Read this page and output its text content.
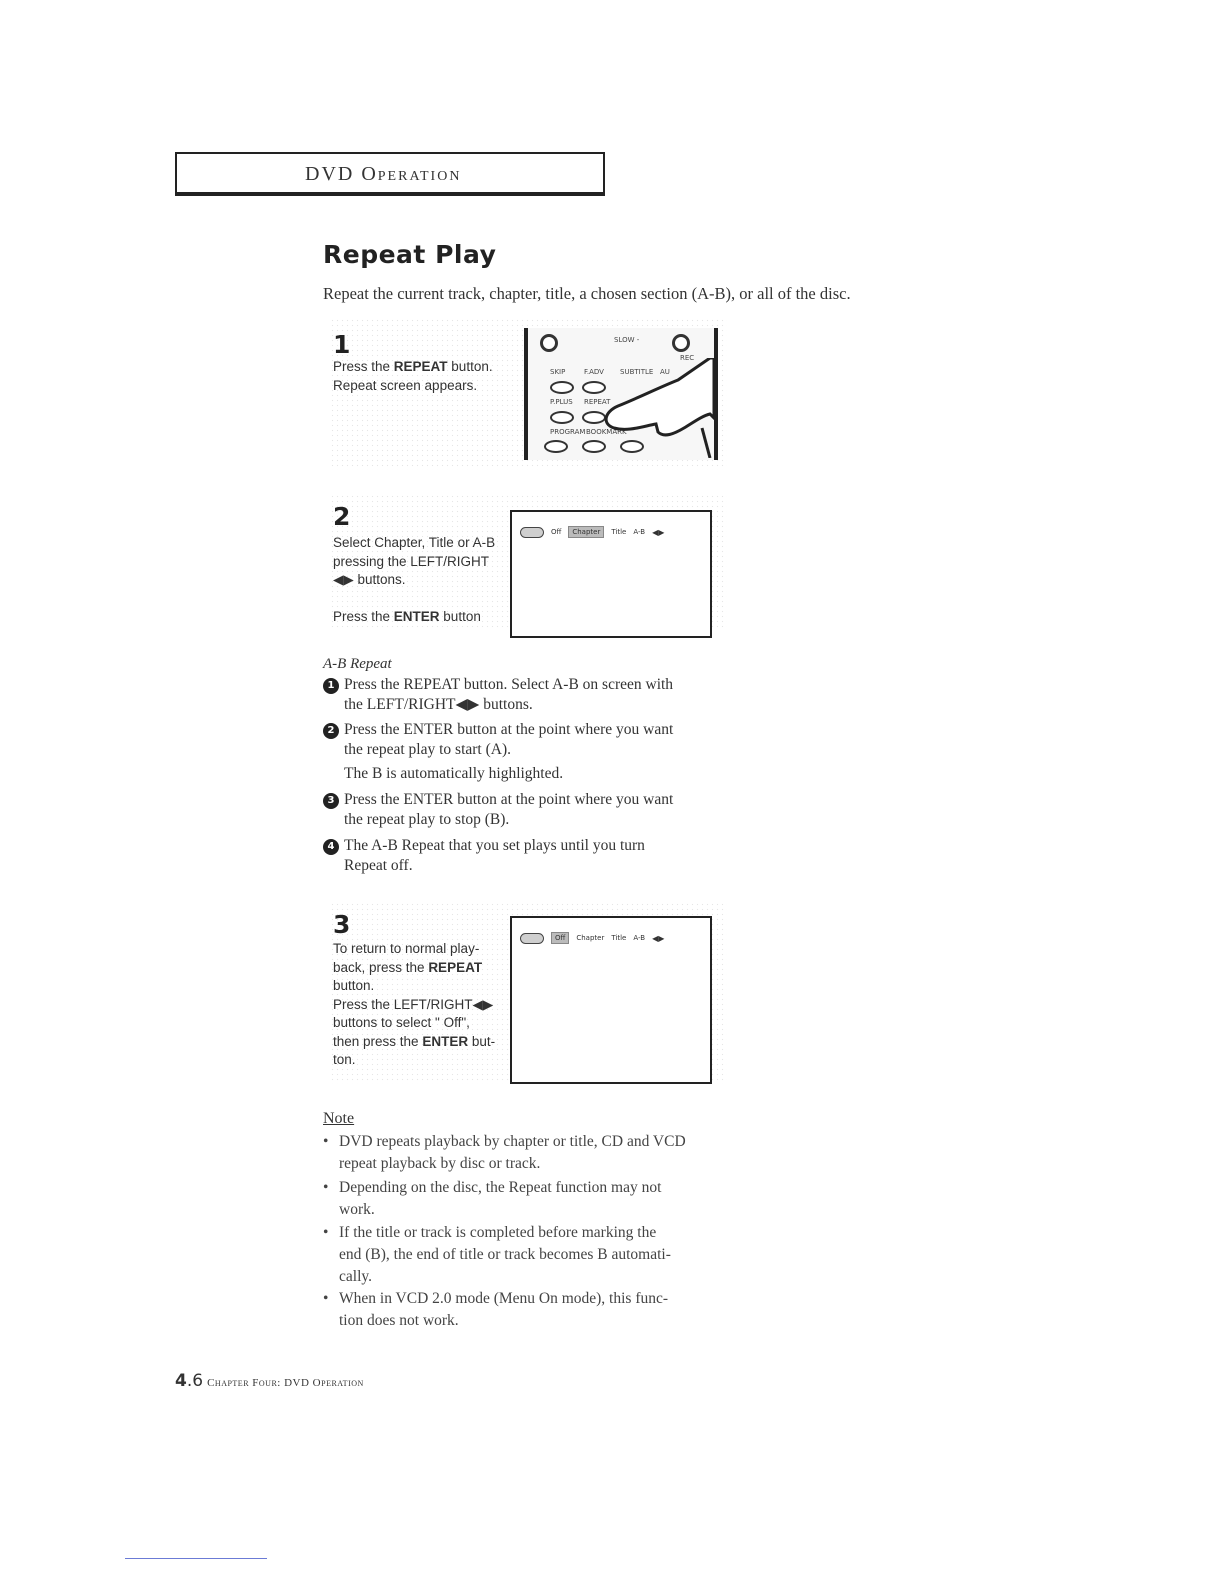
DVD Operation
Repeat Play
Repeat the current track, chapter, title, a chosen section (A-B), or all of the disc.
1
Press the REPEAT button.
Repeat screen appears.
SLOW -
REC
SKIP	F.ADV SUBTITLE AU
P.PLUS REPEAT
PROGRAM BOOKMARK
2
Select Chapter, Title or A-B
pressing the LEFT/RIGHT
◀▶ buttons.
Press the ENTER button
Off	Chapter	Title A-B ◀▶
A-B Repeat
1 Press the REPEAT button. Select A-B on screen with
the LEFT/RIGHT◀▶ buttons.
2 Press the ENTER button at the point where you want
the repeat play to start (A).
The B is automatically highlighted.
3 Press the ENTER button at the point where you want
the repeat play to stop (B).
4 The A-B Repeat that you set plays until you turn
Repeat off.
3
To return to normal play-
back, press the REPEAT
button.
Press the LEFT/RIGHT◀▶
buttons to select " Off",
then press the ENTER but-
ton.
Off	Chapter Title A-B ◀▶
Note
• DVD repeats playback by chapter or title, CD and VCD
repeat playback by disc or track.
• Depending on the disc, the Repeat function may not
work.
• If the title or track is completed before marking the
end (B), the end of title or track becomes B automati-
cally.
• When in VCD 2.0 mode (Menu On mode), this func-
tion does not work.
4.6 Chapter Four: DVD Operation
